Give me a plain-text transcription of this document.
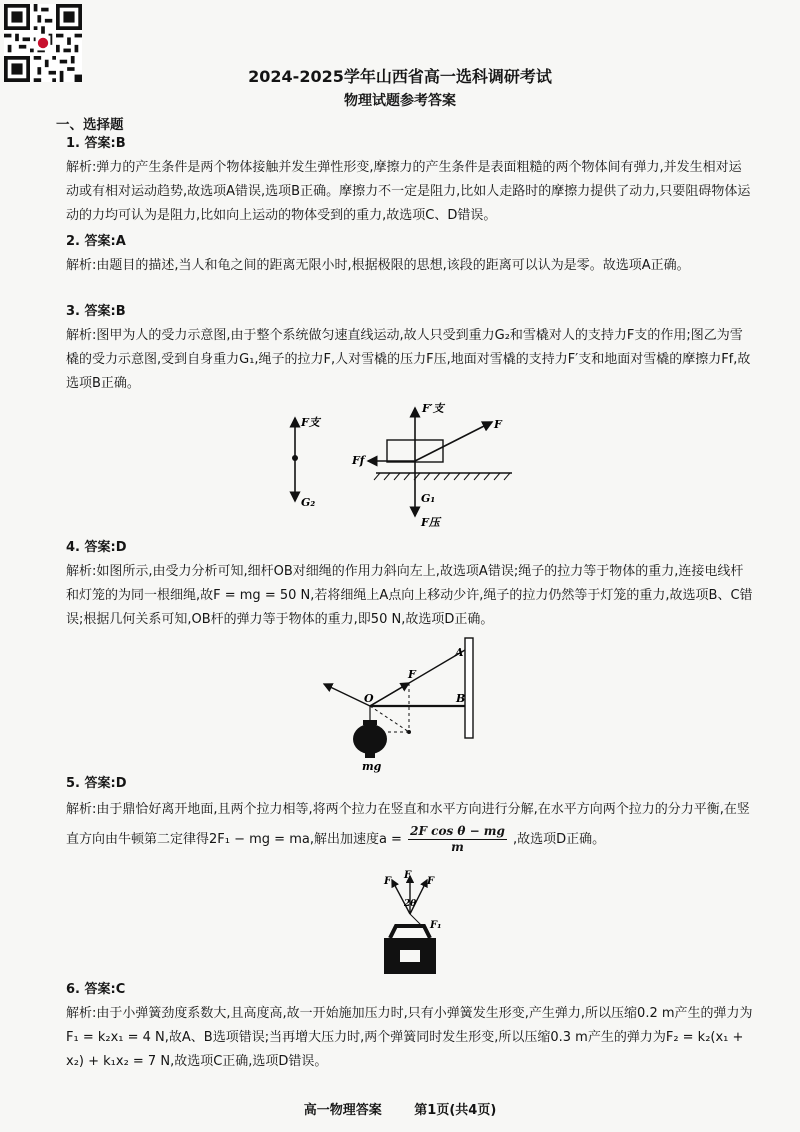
2024-2025学年山西省高一选科调研考试
物理试题参考答案
一、选择题
1. 答案:B
解析:弹力的产生条件是两个物体接触并发生弹性形变,摩擦力的产生条件是表面粗糙的两个物体间有弹力,并发生相对运动或有相对运动趋势,故选项A错误,选项B正确。摩擦力不一定是阻力,比如人走路时的摩擦力提供了动力,只要阻碍物体运动的力均可认为是阻力,比如向上运动的物体受到的重力,故选项C、D错误。
2. 答案:A
解析:由题目的描述,当人和龟之间的距离无限小时,根据极限的思想,该段的距离可以认为是零。故选项A正确。
3. 答案:B
解析:图甲为人的受力示意图,由于整个系统做匀速直线运动,故人只受到重力G₂和雪橇对人的支持力F支的作用;图乙为雪橇的受力示意图,受到自身重力G₁,绳子的拉力F,人对雪橇的压力F压,地面对雪橇的支持力F′支和地面对雪橇的摩擦力Ff,故选项B正确。
F支
G₂
F′支
F
Ff
G₁
F压
4. 答案:D
解析:如图所示,由受力分析可知,细杆OB对细绳的作用力斜向左上,故选项A错误;绳子的拉力等于物体的重力,连接电线杆和灯笼的为同一根细绳,故F = mg = 50 N,若将细绳上A点向上移动少许,绳子的拉力仍然等于灯笼的重力,故选项B、C错误;根据几何关系可知,OB杆的弹力等于物体的重力,即50 N,故选项D正确。
A
B
O
F
mg
5. 答案:D
解析:由于鼎恰好离开地面,且两个拉力相等,将两个拉力在竖直和水平方向进行分解,在水平方向两个拉力的分力平衡,在竖直方向由牛顿第二定律得2F₁ − mg = ma,解出加速度$a = \frac{\text{2F cos θ − mg}}{m}$ ,故选项D正确。
F
F
F
2θ
F₁
6. 答案:C
解析:由于小弹簧劲度系数大,且高度高,故一开始施加压力时,只有小弹簧发生形变,产生弹力,所以压缩0.2 m产生的弹力为F₁ = k₂x₁ = 4 N,故A、B选项错误;当再增大压力时,两个弹簧同时发生形变,所以压缩0.3 m产生的弹力为F₂ = k₂(x₁ + x₂) + k₁x₂ = 7 N,故选项C正确,选项D错误。
高一物理答案	第1页(共4页)
